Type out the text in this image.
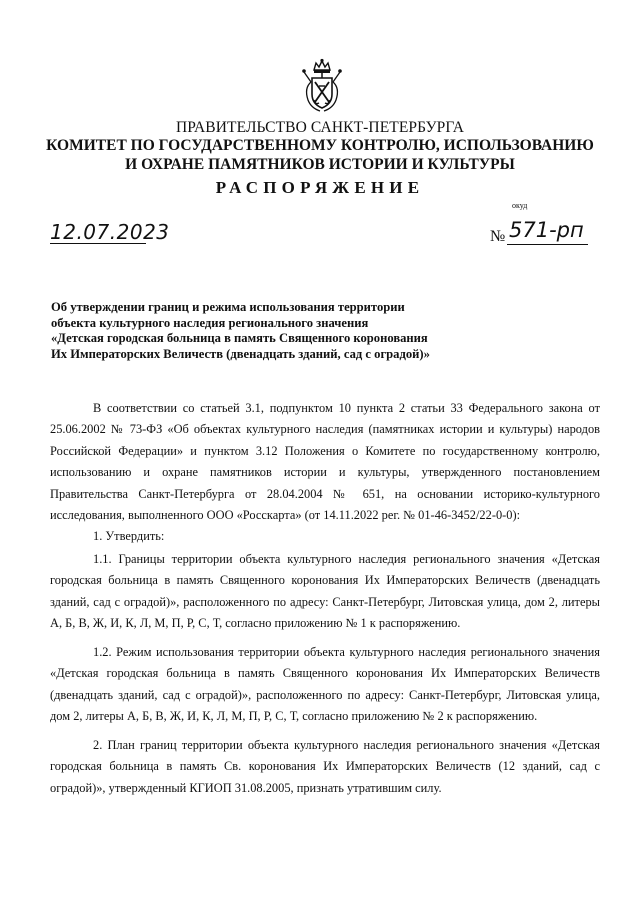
ПРАВИТЕЛЬСТВО САНКТ-ПЕТЕРБУРГА
КОМИТЕТ ПО ГОСУДАРСТВЕННОМУ КОНТРОЛЮ, ИСПОЛЬЗОВАНИЮ
И ОХРАНЕ ПАМЯТНИКОВ ИСТОРИИ И КУЛЬТУРЫ
РАСПОРЯЖЕНИЕ
окуд
12.07.2023	№ 571-рп
Об утверждении границ и режима использования территории
объекта культурного наследия регионального значения
«Детская городская больница в память Священного коронования
Их Императорских Величеств (двенадцать зданий, сад с оградой)»

В соответствии со статьей 3.1, подпунктом 10 пункта 2 статьи 33 Федерального закона от 25.06.2002 № 73-ФЗ «Об объектах культурного наследия (памятниках истории и культуры) народов Российской Федерации» и пунктом 3.12 Положения о Комитете по государственному контролю, использованию и охране памятников истории и культуры, утвержденного постановлением Правительства Санкт-Петербурга от 28.04.2004 № 651, на основании историко-культурного исследования, выполненного ООО «Росскарта» (от 14.11.2022 рег. № 01-46-3452/22-0-0):

1. Утвердить:

1.1. Границы территории объекта культурного наследия регионального значения «Детская городская больница в память Священного коронования Их Императорских Величеств (двенадцать зданий, сад с оградой)», расположенного по адресу: Санкт-Петербург, Литовская улица, дом 2, литеры А, Б, В, Ж, И, К, Л, М, П, Р, С, Т, согласно приложению № 1 к распоряжению.

1.2. Режим использования территории объекта культурного наследия регионального значения «Детская городская больница в память Священного коронования Их Императорских Величеств (двенадцать зданий, сад с оградой)», расположенного по адресу: Санкт-Петербург, Литовская улица, дом 2, литеры А, Б, В, Ж, И, К, Л, М, П, Р, С, Т, согласно приложению № 2 к распоряжению.

2. План границ территории объекта культурного наследия регионального значения «Детская городская больница в память Св. коронования Их Императорских Величеств (12 зданий, сад с оградой)», утвержденный КГИОП 31.08.2005, признать утратившим силу.
